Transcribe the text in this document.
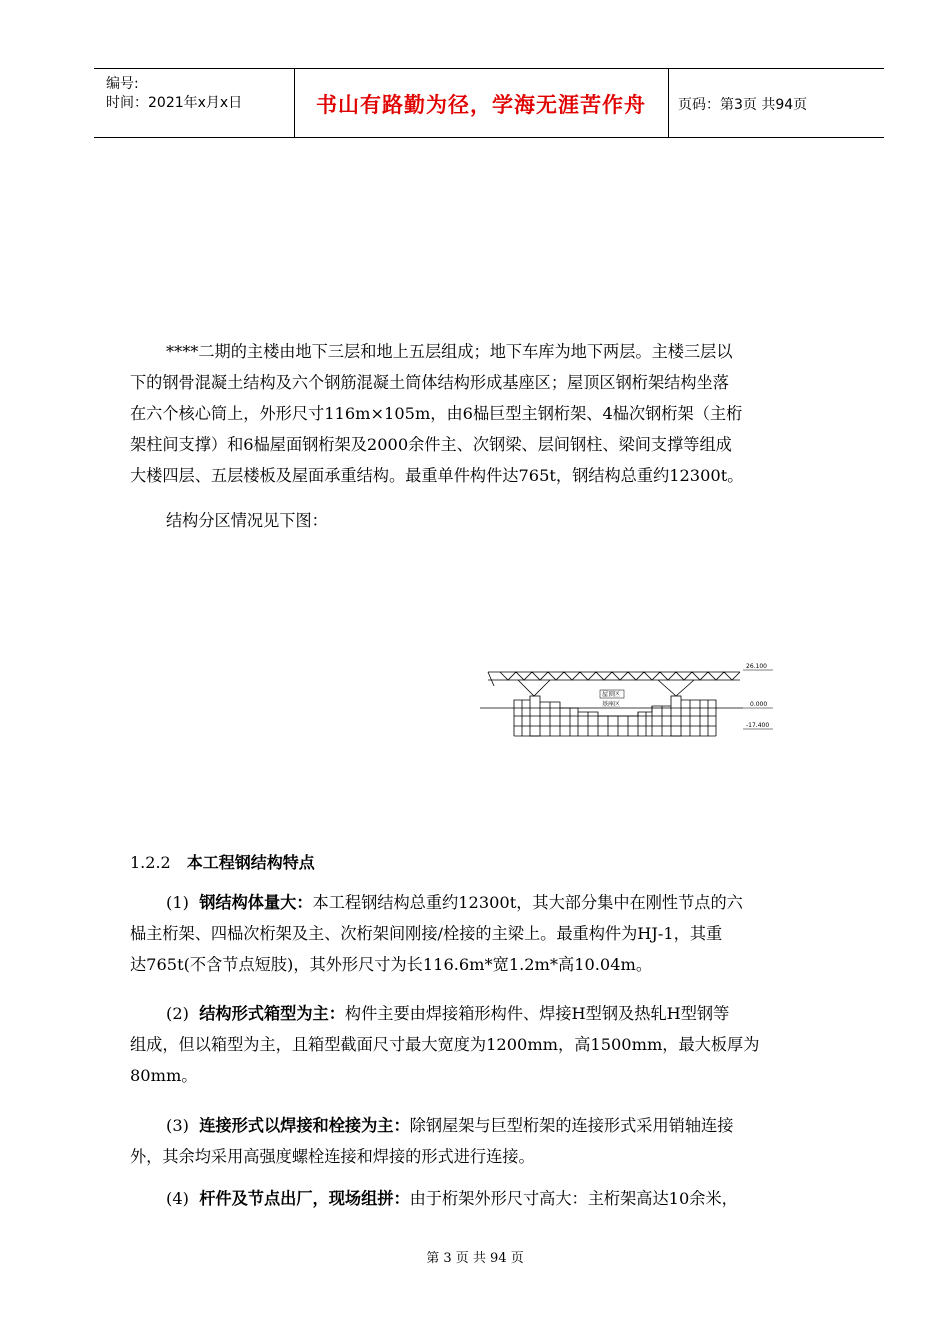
编号:
时间：2021年x月x日	书山有路勤为径，学海无涯苦作舟	页码：第3页 共94页
****二期的主楼由地下三层和地上五层组成；地下车库为地下两层。主楼三层以
下的钢骨混凝土结构及六个钢筋混凝土筒体结构形成基座区；屋顶区钢桁架结构坐落
在六个核心筒上，外形尺寸116m×105m，由6榀巨型主钢桁架、4榀次钢桁架（主桁
架柱间支撑）和6榀屋面钢桁架及2000余件主、次钢梁、层间钢柱、梁间支撑等组成
大楼四层、五层楼板及屋面承重结构。最重单件构件达765t，钢结构总重约12300t。
结构分区情况见下图：
屋顶区
基座区
26.100
0.000
-17.400
1.2.2 本工程钢结构特点
(1) 钢结构体量大：本工程钢结构总重约12300t，其大部分集中在刚性节点的六
榀主桁架、四榀次桁架及主、次桁架间刚接/栓接的主梁上。最重构件为HJ-1，其重
达765t(不含节点短肢)，其外形尺寸为长116.6m*宽1.2m*高10.04m。
(2) 结构形式箱型为主：构件主要由焊接箱形构件、焊接H型钢及热轧H型钢等
组成，但以箱型为主，且箱型截面尺寸最大宽度为1200mm，高1500mm，最大板厚为
80mm。
(3) 连接形式以焊接和栓接为主：除钢屋架与巨型桁架的连接形式采用销轴连接
外，其余均采用高强度螺栓连接和焊接的形式进行连接。
(4) 杆件及节点出厂，现场组拼：由于桁架外形尺寸高大：主桁架高达10余米，
第 3 页 共 94 页
